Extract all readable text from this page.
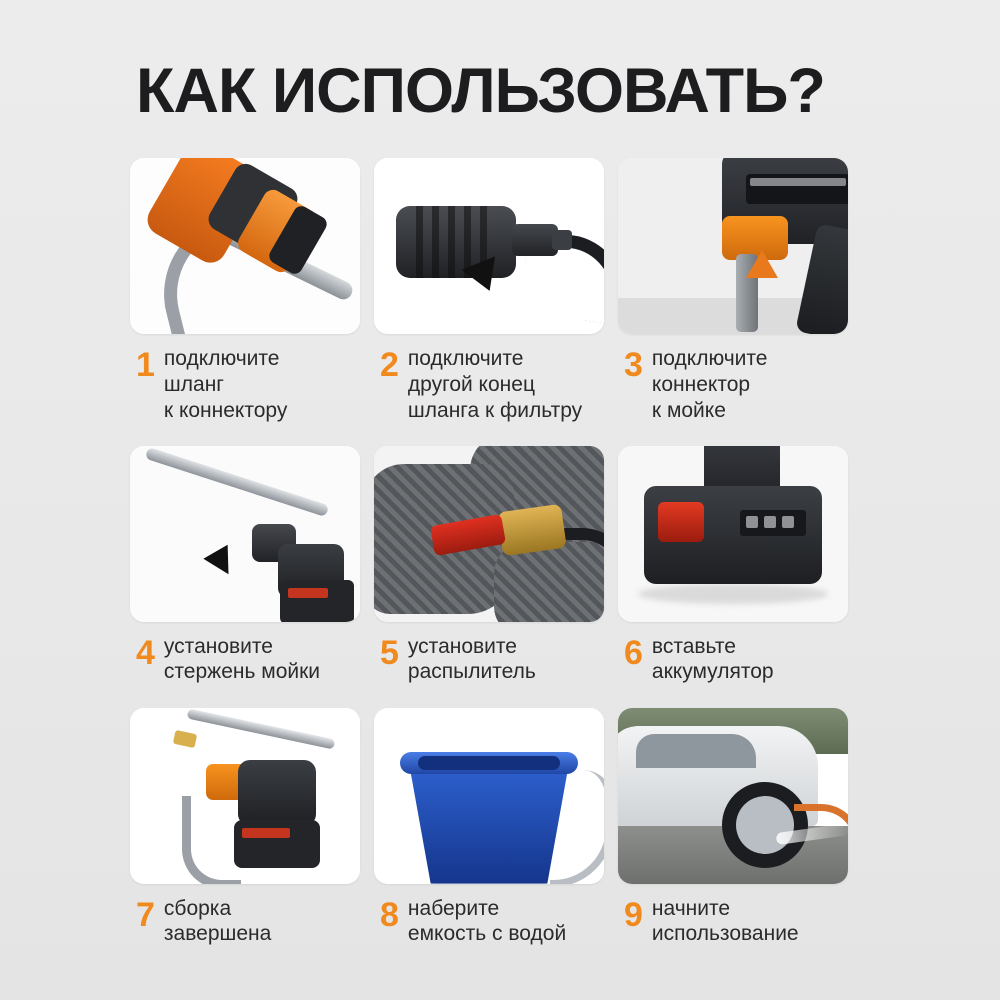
КАК ИСПОЛЬЗОВАТЬ?
1 подключите
шланг
к коннектору
2 подключите
другой конец
шланга к фильтру
3 подключите
коннектор
к мойке
4 установите
стержень мойки
5 установите
распылитель
6 вставьте
аккумулятор
7 сборка
завершена
8 наберите
емкость с водой
9 начните
использование
